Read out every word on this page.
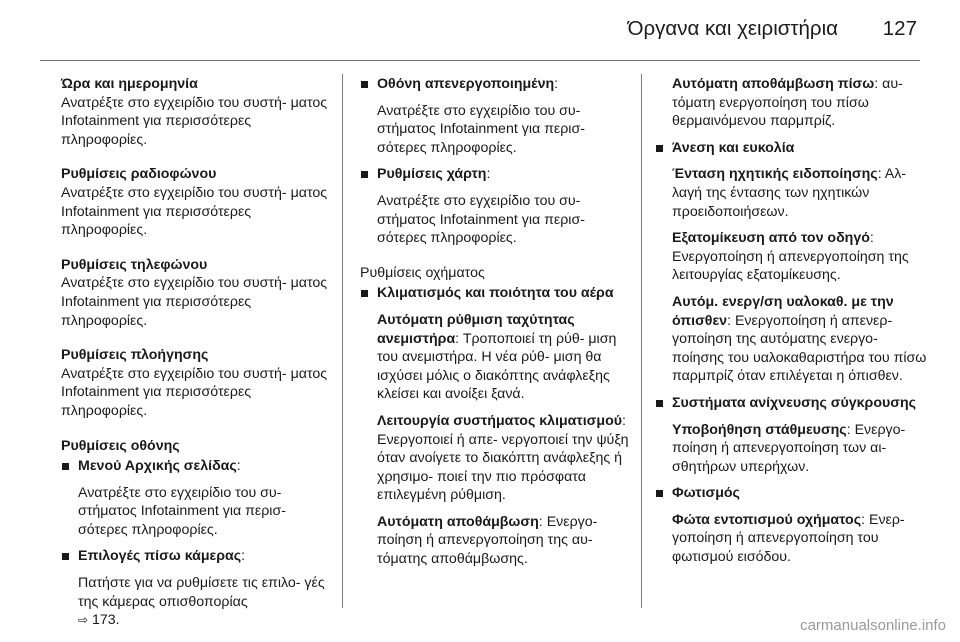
Όργανα και χειριστήρια 127

Ώρα και ημερομηνία

Ανατρέξτε στο εγχειρίδιο του συστή- ματος Infotainment για περισσότερες πληροφορίες.

Ρυθμίσεις ραδιοφώνου

Ανατρέξτε στο εγχειρίδιο του συστή- ματος Infotainment για περισσότερες πληροφορίες.

Ρυθμίσεις τηλεφώνου

Ανατρέξτε στο εγχειρίδιο του συστή- ματος Infotainment για περισσότερες πληροφορίες.

Ρυθμίσεις πλοήγησης

Ανατρέξτε στο εγχειρίδιο του συστή- ματος Infotainment για περισσότερες πληροφορίες.

Ρυθμίσεις οθόνης

Μενού Αρχικής σελίδας:

Ανατρέξτε στο εγχειρίδιο του συ- στήματος Infotainment για περισ- σότερες πληροφορίες.

Επιλογές πίσω κάμερας:

Πατήστε για να ρυθμίσετε τις επιλο- γές της κάμερας οπισθοπορίας
⇨ 173.

Οθόνη απενεργοποιημένη:

Ανατρέξτε στο εγχειρίδιο του συ- στήματος Infotainment για περισ- σότερες πληροφορίες.

Ρυθμίσεις χάρτη:

Ανατρέξτε στο εγχειρίδιο του συ- στήματος Infotainment για περισ- σότερες πληροφορίες.

Ρυθμίσεις οχήματος

Κλιματισμός και ποιότητα του αέρα

Αυτόματη ρύθμιση ταχύτητας ανεμιστήρα: Τροποποιεί τη ρύθ- μιση του ανεμιστήρα. Η νέα ρύθ- μιση θα ισχύσει μόλις ο διακόπτης ανάφλεξης κλείσει και ανοίξει ξανά.

Λειτουργία συστήματος κλιματισμού: Ενεργοποιεί ή απε- νεργοποιεί την ψύξη όταν ανοίγετε το διακόπτη ανάφλεξης ή χρησιμο- ποιεί την πιο πρόσφατα επιλεγμένη ρύθμιση.

Αυτόματη αποθάμβωση: Ενεργο- ποίηση ή απενεργοποίηση της αυ- τόματης αποθάμβωσης.

Αυτόματη αποθάμβωση πίσω: αυ- τόματη ενεργοποίηση του πίσω θερμαινόμενου παρμπρίζ.

Άνεση και ευκολία

Ένταση ηχητικής ειδοποίησης: Αλ- λαγή της έντασης των ηχητικών προειδοποιήσεων.

Εξατομίκευση από τον οδηγό: Ενεργοποίηση ή απενεργοποίηση της λειτουργίας εξατομίκευσης.

Αυτόμ. ενεργ/ση υαλοκαθ. με την όπισθεν: Ενεργοποίηση ή απενερ- γοποίηση της αυτόματης ενεργο- ποίησης του υαλοκαθαριστήρα του πίσω παρμπρίζ όταν επιλέγεται η όπισθεν.

Συστήματα ανίχνευσης σύγκρουσης

Υποβοήθηση στάθμευσης: Ενεργο- ποίηση ή απενεργοποίηση των αι- σθητήρων υπερήχων.

Φωτισμός

Φώτα εντοπισμού οχήματος: Ενερ- γοποίηση ή απενεργοποίηση του φωτισμού εισόδου.

carmanualsonline.info
